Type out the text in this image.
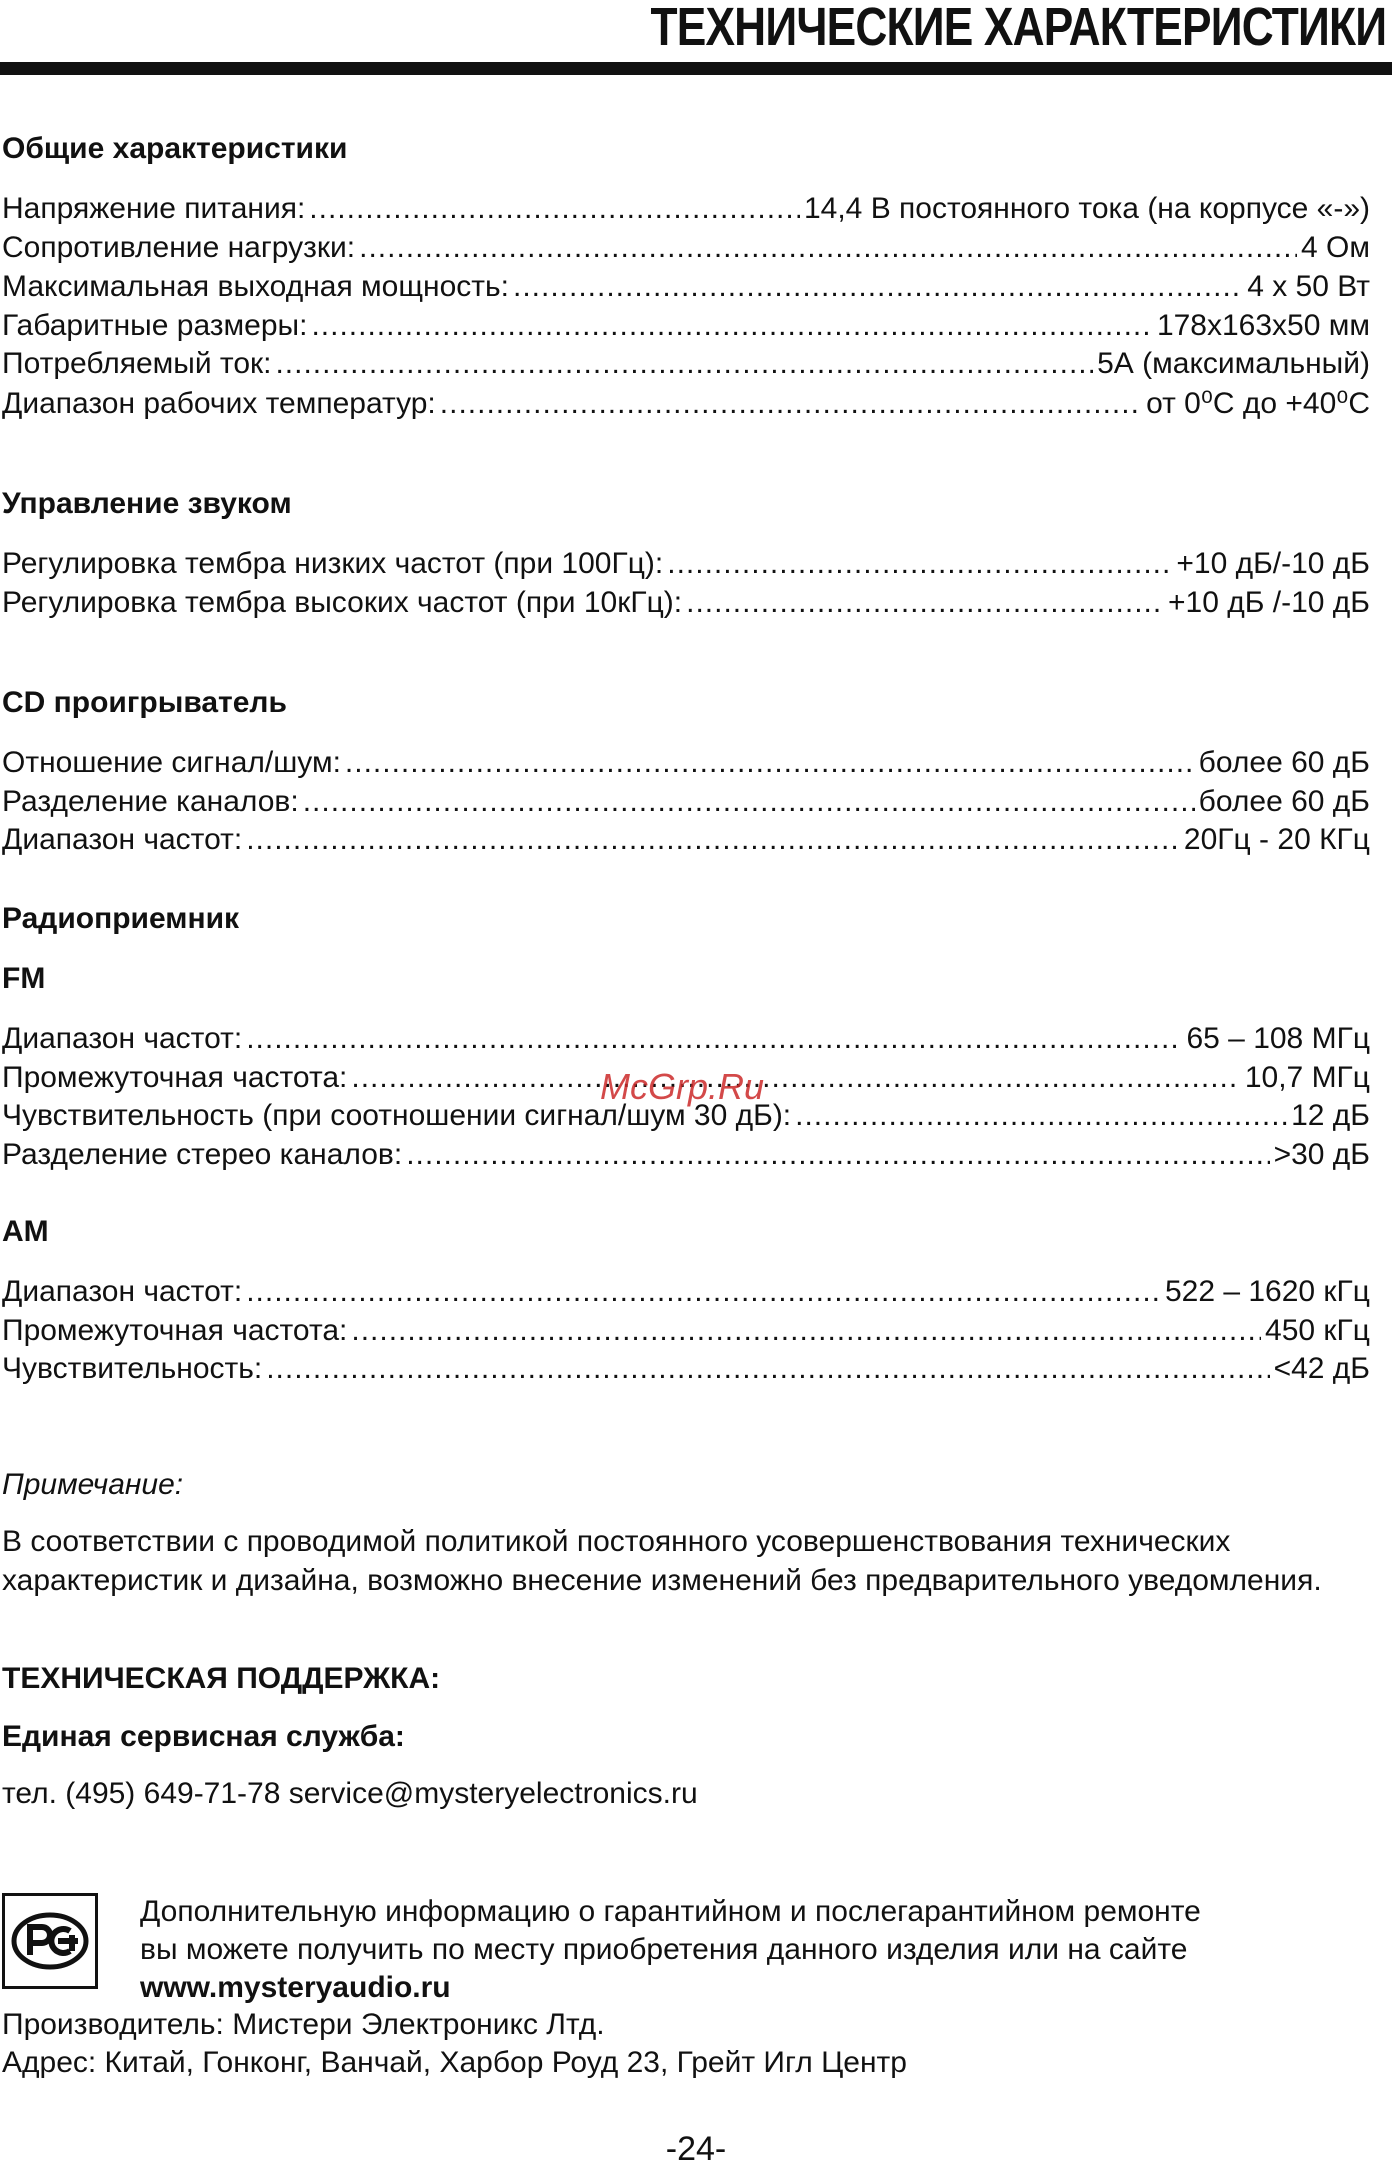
ТЕХНИЧЕСКИЕ ХАРАКТЕРИСТИКИ
Общие характеристики
Напряжение питания: .....	14,4 В постоянного тока (на корпусе «-»)
Сопротивление нагрузки: .....	4 Ом
Максимальная выходная мощность: .....	4 х 50 Вт
Габаритные размеры: .....	178х163х50 мм
Потребляемый ток: .....	5А (максимальный)
Диапазон рабочих температур: .....	от 0⁰С до +40⁰С
Управление звуком
Регулировка тембра низких частот (при 100Гц): .....	+10 дБ/-10 дБ
Регулировка тембра высоких частот (при 10кГц): .....	+10 дБ /-10 дБ
CD проигрыватель
Отношение сигнал/шум: .....	более 60 дБ
Разделение каналов: .....	более 60 дБ
Диапазон частот: .....	20Гц - 20 КГц
Радиоприемник
FM
Диапазон частот: .....	65 – 108 МГц
Промежуточная частота: .....	10,7 МГц
Чувствительность (при соотношении сигнал/шум 30 дБ): .....	12 дБ
Разделение стерео каналов: .....	>30 дБ
AM
Диапазон частот: .....	522 – 1620 кГц
Промежуточная частота: .....	450 кГц
Чувствительность: .....	<42 дБ
Примечание:
В соответствии с проводимой политикой постоянного усовершенствования технических характеристик и дизайна, возможно внесение изменений без предварительного уведомления.
ТЕХНИЧЕСКАЯ ПОДДЕРЖКА:
Единая сервисная служба:
тел. (495) 649-71-78 service@mysteryelectronics.ru
Дополнительную информацию о гарантийном и послегарантийном ремонте
вы можете получить по месту приобретения данного изделия или на сайте
www.mysteryaudio.ru
Производитель: Мистери Электроникс Лтд.
Адрес: Китай, Гонконг, Ванчай, Харбор Роуд 23, Грейт Игл Центр
McGrp.Ru
-24-
